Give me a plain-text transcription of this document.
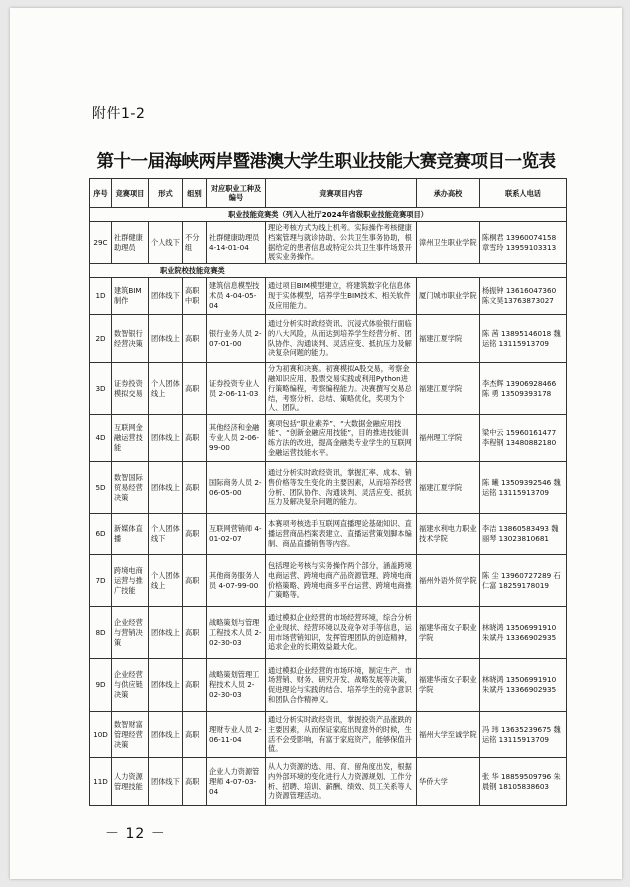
附件1-2
第十一届海峡两岸暨港澳大学生职业技能大赛竞赛项目一览表
序号	竞赛项目	形式	组别	对应职业工种及编号	竞赛项目内容	承办高校	联系人电话
职业技能竞赛类（列入人社厅2024年省级职业技能竞赛项目）							
29C	社群健康助理员	个人线下	不分组	社群健康助理员 4-14-01-04	理论考核方式为线上机考。实际操作考核健康档案管理与就诊协助、公共卫生事务协助，根据给定的患者信息或特定公共卫生事件场景开展实业务操作。	漳州卫生职业学院	陈桐君 13960074158 章雪玲 13959103313
职业院校技能竞赛类							
1D	建筑BIM制作	团体线下	高职中职	建筑信息模型技术员 4-04-05-04	通过项目BIM模型建立，将建筑数字化信息体现于实体模型，培养学生BIM技术、相关软件及应用能力。	厦门城市职业学院	杨振钟 13616047360 陈文昊13763873027
2D	数智银行经营决策	团体线上	高职	银行业务人员 2-07-01-00	通过分析实时政经资讯、沉浸式体验银行面临的八大风险，从而达到培养学生经营分析、团队协作、沟通谈判、灵活应变、抵抗压力及解决复杂问题的能力。	福建江夏学院	陈 茜 13895146018 魏运铭 13115913709
3D	证券投资模拟交易	个人团体线上	高职	证券投资专业人员 2-06-11-03	分为初赛和决赛。初赛模拟A股交易，考察金融知识应用、股票交易实践或利用Python进行策略编程，考察编程能力。决赛撰写交易总结，考察分析、总结、策略优化，奖项为个人、团队。	福建江夏学院	李杰辉 13906928466 陈 勇 13509393178
4D	互联网金融运营技能	团体线上	高职	其他经济和金融专业人员 2-06-99-00	赛项包括“职业素养”、“大数据金融应用技能”、“创新金融应用技能”，目的推进技能训练方法的改进，提高金融类专业学生的互联网金融运营技能水平。	福州理工学院	梁中云 15960161477 李程钢 13480882180
5D	数智国际贸易经营决策	团体线上	高职	国际商务人员 2-06-05-00	通过分析实时政经资讯，掌握汇率、成本、销售价格等发生变化的主要因素，从而培养经营分析、团队协作、沟通谈判、灵活应变、抵抗压力及解决复杂问题的能力。	福建江夏学院	陈 曦 13509392546 魏运铭 13115913709
6D	新媒体直播	个人团体线下	高职	互联网营销师 4-01-02-07	本赛项考核选手互联网直播理论基础知识、直播运营商品档案表建立、直播运营策划脚本编制、商品直播销售等内容。	福建水利电力职业技术学院	李洁 13860583493 魏丽琴 13023810681
7D	跨境电商运营与推广技能	个人团体线上	高职	其他商务服务人员 4-07-99-00	包括理论考核与实务操作两个部分，涵盖跨境电商运营、跨境电商产品资源管理、跨境电商价格策略、跨境电商多平台运营、跨境电商推广策略等。	福州外语外贸学院	陈 尘 13960727289 石仁富 18259178019
8D	企业经营与营销决策	团体线上	高职	战略策划与管理工程技术人员 2-02-30-03	通过模拟企业经营的市场经营环境，综合分析企业现状、经营环境以及竞争对手等信息，运用市场营销知识，发挥管理团队的创造精神，追求企业的长期效益最大化。	福建华南女子职业学院	林晓鸿 13506991910 朱斌丹 13366902935
9D	企业经营与供应链决策	团体线上	高职	战略策划管理工程技术人员 2-02-30-03	通过模拟企业经营的市场环境，制定生产、市场营销、财务、研究开发、战略发展等决策，促进理论与实践的结合、培养学生的竞争意识和团队合作精神义。	福建华南女子职业学院	林晓鸿 13506991910 朱斌丹 13366902935
10D	数智财富管理经营决策	团体线上	高职	理财专业人员 2-06-11-04	通过分析实时政经资讯，掌握投资产品涨跌的主要因素，从而保证家庭出现意外的时候，生活不会受影响，有富于家庭资产，能够保值升值。	福州大学至诚学院	冯 玮 13635239675 魏运铭 13115913709
11D	人力资源管理技能	团体线下	高职	企业人力资源管理师 4-07-03-04	从人力资源的选、用、育、留角度出发，根据内外部环境的变化进行人力资源规划、工作分析、招聘、培训、薪酬、绩效、员工关系等人力资源管理活动。	华侨大学	张 华 18859509796 朱晨钢 18105838603
－ 12 －
